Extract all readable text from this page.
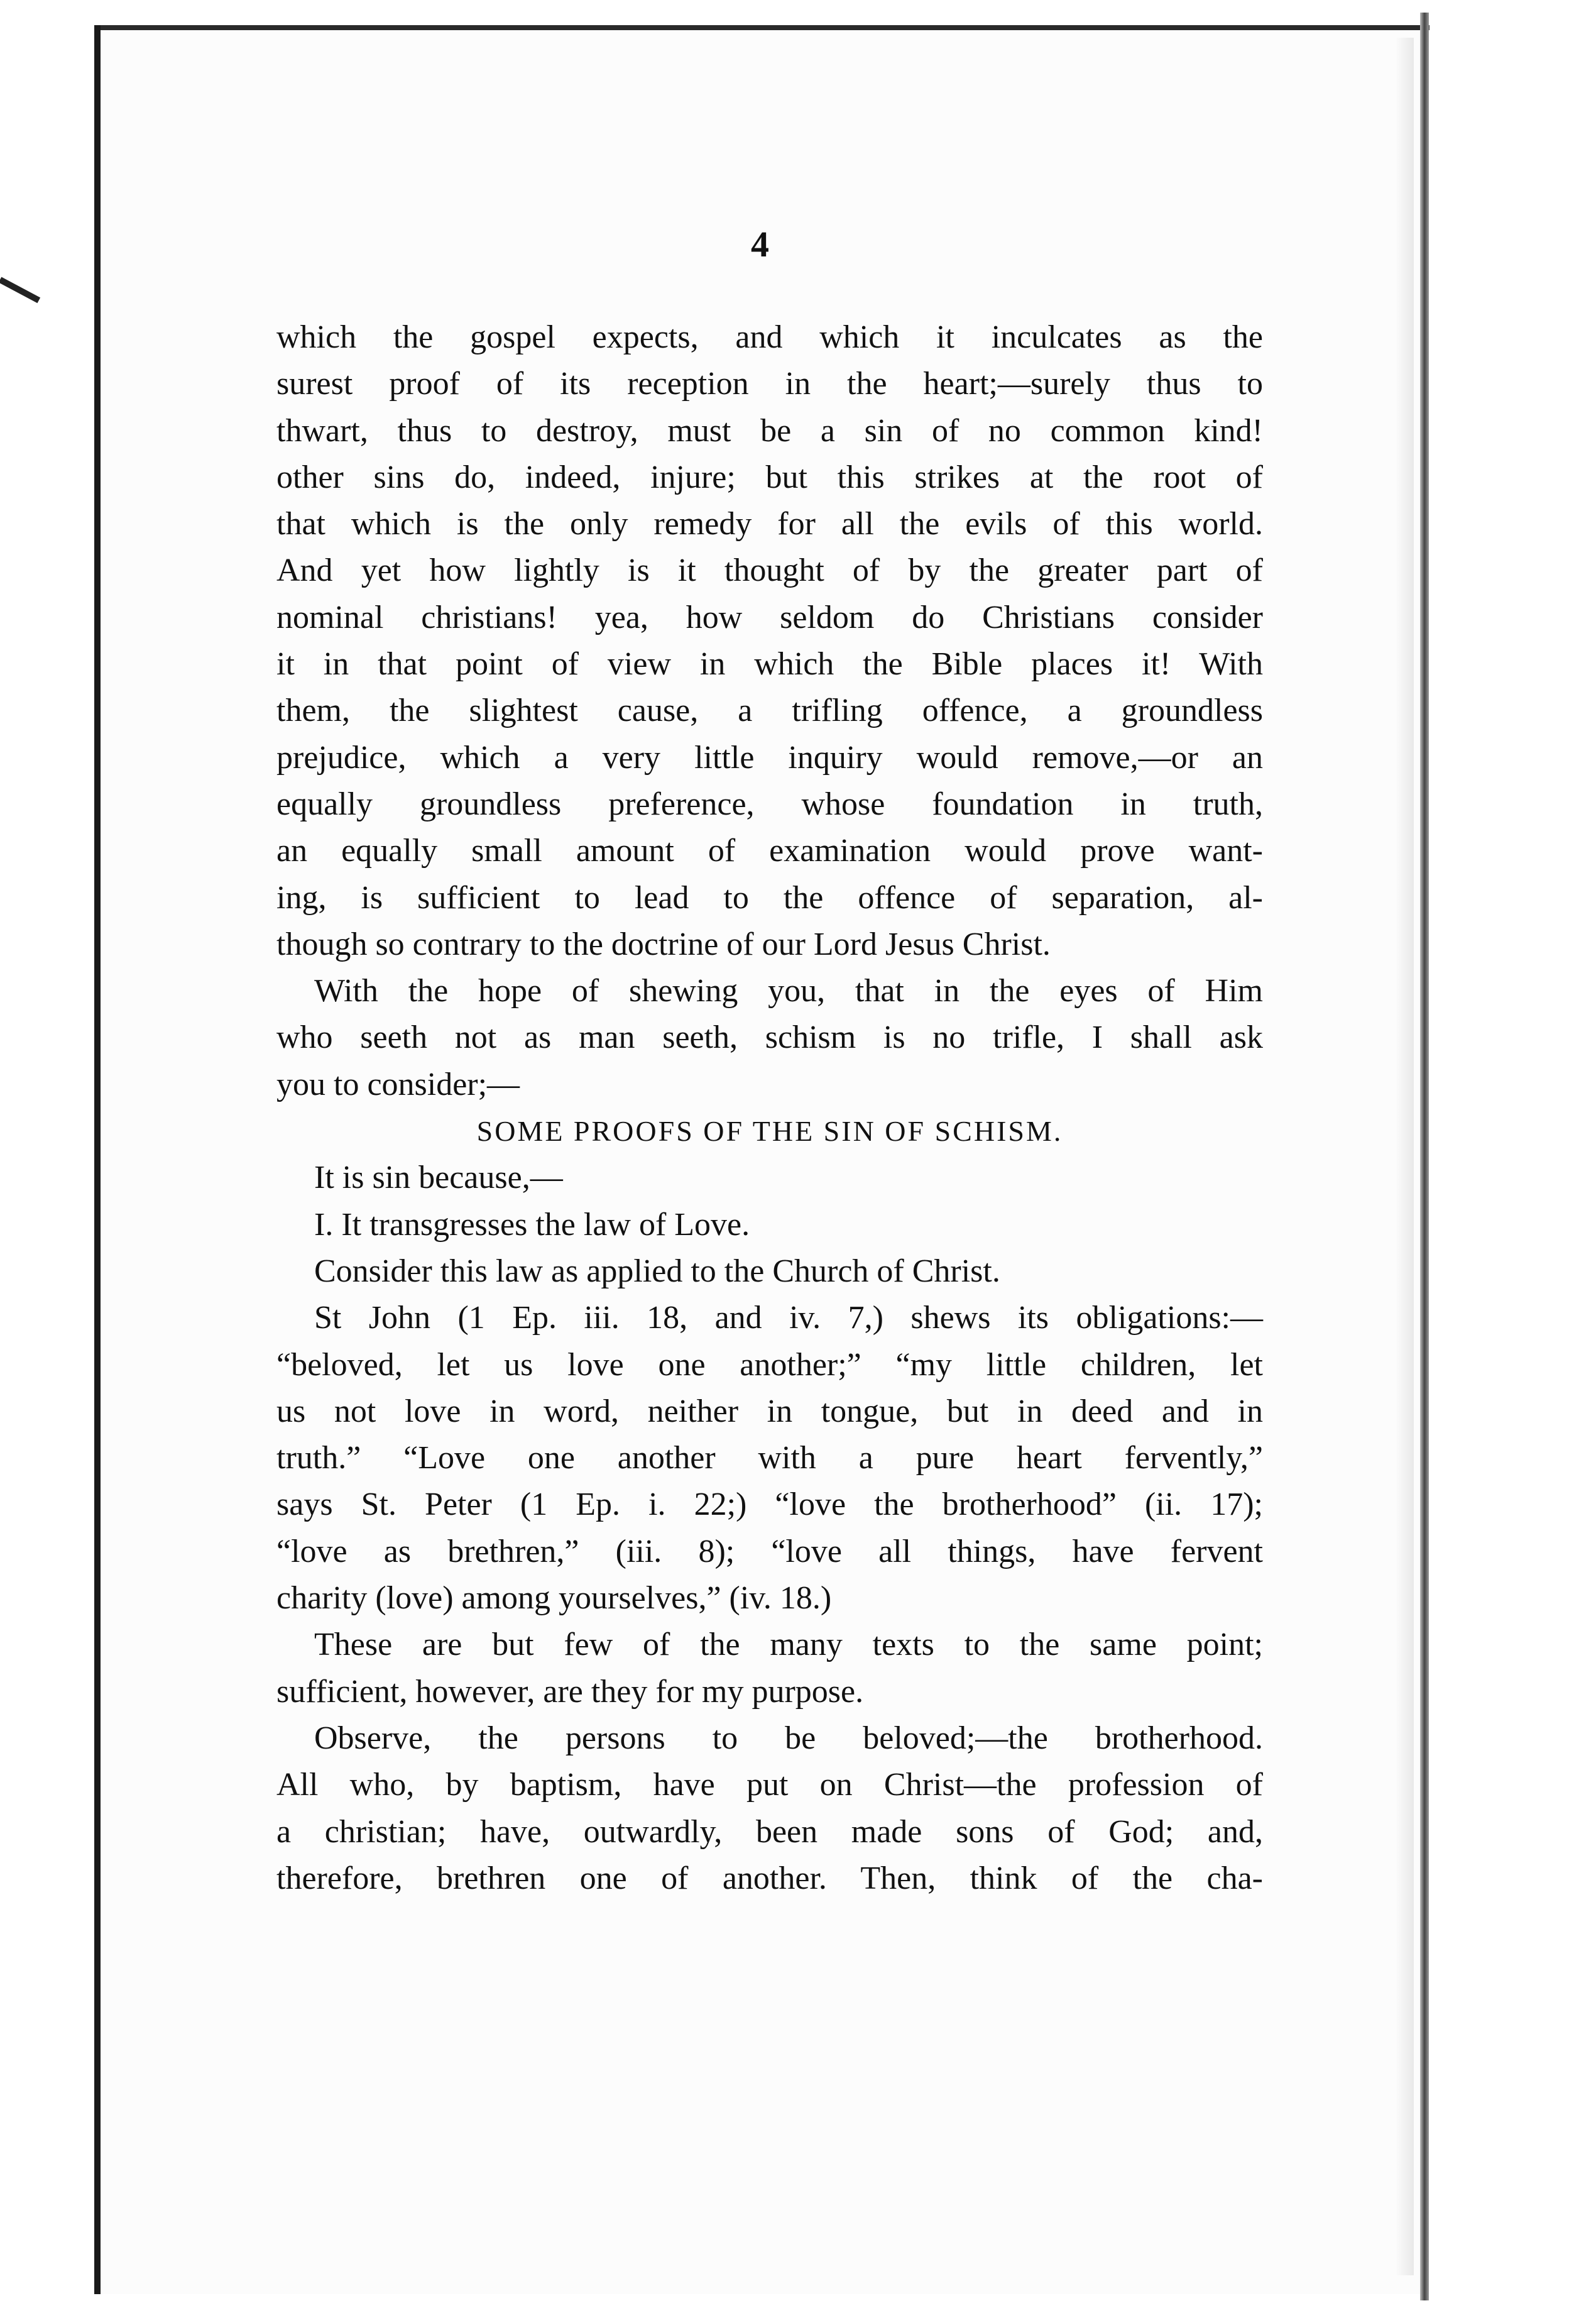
4
which the gospel expects, and which it inculcates as the
surest proof of its reception in the heart;—surely thus to
thwart, thus to destroy, must be a sin of no common kind!
other sins do, indeed, injure; but this strikes at the root of
that which is the only remedy for all the evils of this world.
And yet how lightly is it thought of by the greater part of
nominal christians! yea, how seldom do Christians consider
it in that point of view in which the Bible places it! With
them, the slightest cause, a trifling offence, a groundless
prejudice, which a very little inquiry would remove,—or an
equally groundless preference, whose foundation in truth,
an equally small amount of examination would prove want-
ing, is sufficient to lead to the offence of separation, al-
though so contrary to the doctrine of our Lord Jesus Christ.
With the hope of shewing you, that in the eyes of Him
who seeth not as man seeth, schism is no trifle, I shall ask
you to consider;—
SOME PROOFS OF THE SIN OF SCHISM.
It is sin because,—
I. It transgresses the law of Love.
Consider this law as applied to the Church of Christ.
St John (1 Ep. iii. 18, and iv. 7,) shews its obligations:—
“beloved, let us love one another;” “my little children, let
us not love in word, neither in tongue, but in deed and in
truth.” “Love one another with a pure heart fervently,”
says St. Peter (1 Ep. i. 22;) “love the brotherhood” (ii. 17);
“love as brethren,” (iii. 8); “love all things, have fervent
charity (love) among yourselves,” (iv. 18.)
These are but few of the many texts to the same point;
sufficient, however, are they for my purpose.
Observe, the persons to be beloved;—the brotherhood.
All who, by baptism, have put on Christ—the profession of
a christian; have, outwardly, been made sons of God; and,
therefore, brethren one of another. Then, think of the cha-
